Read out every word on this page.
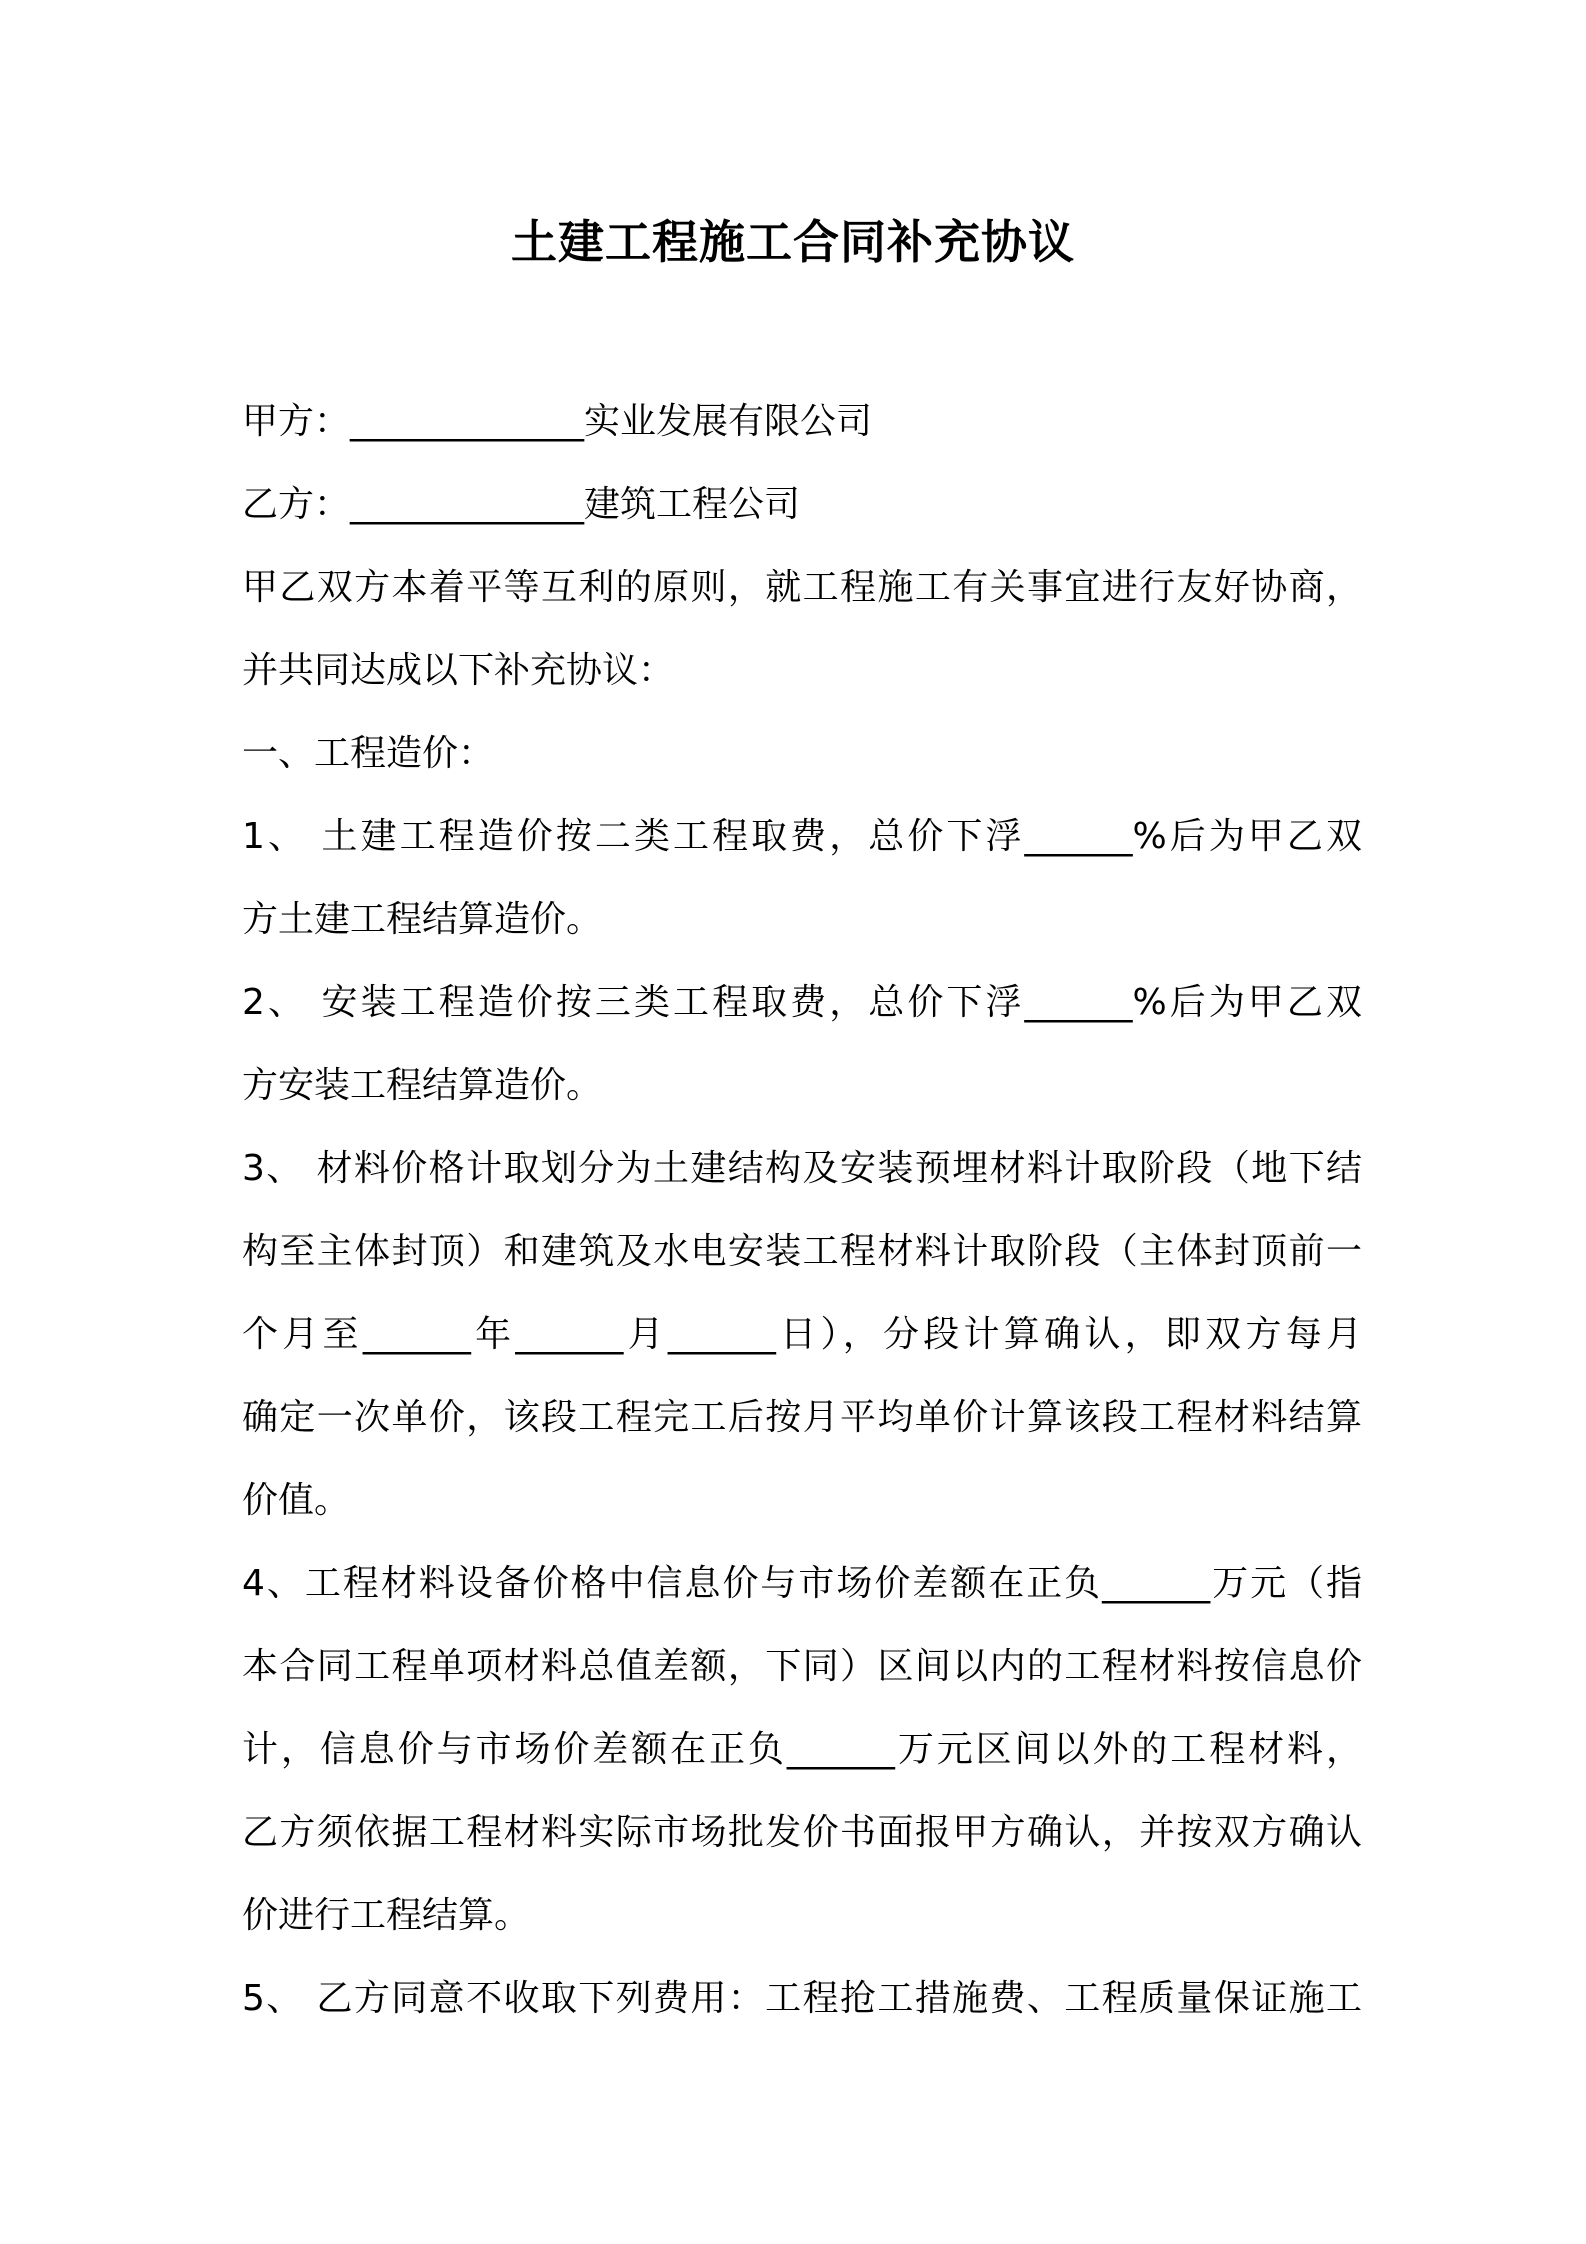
土建工程施工合同补充协议
甲方：_____________实业发展有限公司
乙方：_____________建筑工程公司
甲乙双方本着平等互利的原则，就工程施工有关事宜进行友好协商，
并共同达成以下补充协议：
一、工程造价：
1、 土建工程造价按二类工程取费，总价下浮______%后为甲乙双
方土建工程结算造价。
2、 安装工程造价按三类工程取费，总价下浮______%后为甲乙双
方安装工程结算造价。
3、 材料价格计取划分为土建结构及安装预埋材料计取阶段（地下结
构至主体封顶）和建筑及水电安装工程材料计取阶段（主体封顶前一
个月至______年______月______日），分段计算确认，即双方每月
确定一次单价，该段工程完工后按月平均单价计算该段工程材料结算
价值。
4、工程材料设备价格中信息价与市场价差额在正负______万元（指
本合同工程单项材料总值差额，下同）区间以内的工程材料按信息价
计，信息价与市场价差额在正负______万元区间以外的工程材料，
乙方须依据工程材料实际市场批发价书面报甲方确认，并按双方确认
价进行工程结算。
5、 乙方同意不收取下列费用：工程抢工措施费、工程质量保证施工
